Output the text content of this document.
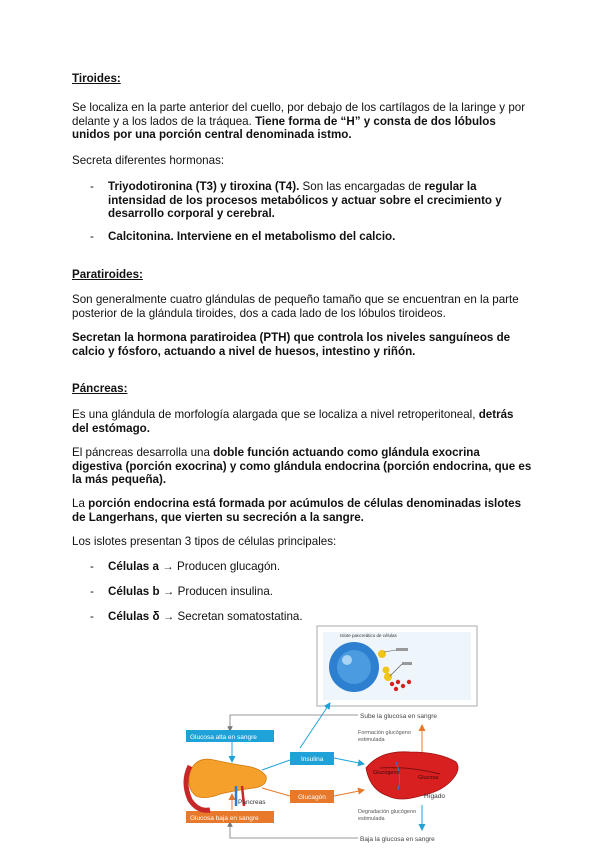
Tiroides:

Se localiza en la parte anterior del cuello, por debajo de los cartílagos de la laringe y por delante y a los lados de la tráquea. Tiene forma de “H” y consta de dos lóbulos unidos por una porción central denominada istmo.

Secreta diferentes hormonas:

- Triyodotironina (T3) y tiroxina (T4). Son las encargadas de regular la intensidad de los procesos metabólicos y actuar sobre el crecimiento y desarrollo corporal y cerebral.
- Calcitonina. Interviene en el metabolismo del calcio.
Paratiroides:

Son generalmente cuatro glándulas de pequeño tamaño que se encuentran en la parte posterior de la glándula tiroides, dos a cada lado de los lóbulos tiroideos.

Secretan la hormona paratiroidea (PTH) que controla los niveles sanguíneos de calcio y fósforo, actuando a nivel de huesos, intestino y riñón.

Páncreas:

Es una glándula de morfología alargada que se localiza a nivel retroperitoneal, detrás del estómago.

El páncreas desarrolla una doble función actuando como glándula exocrina digestiva (porción exocrina) y como glándula endocrina (porción endocrina, que es la más pequeña).

La porción endocrina está formada por acúmulos de células denominadas islotes de Langerhans, que vierten su secreción a la sangre.

Los islotes presentan 3 tipos de células principales:

- Células a → Producen glucagón.
- Células b → Producen insulina.
- Células δ → Secretan somatostatina.
Islote pancreático de células
Sube la glucosa en sangre
Baja la glucosa en sangre
Glucosa alta en sangre
Glucosa baja en sangre
Páncreas
Insulina
Glucagón
Formación glucógeno
estimulada
Degradación glucógeno
estimulada
Glucógeno
Glucosa
Hígado
